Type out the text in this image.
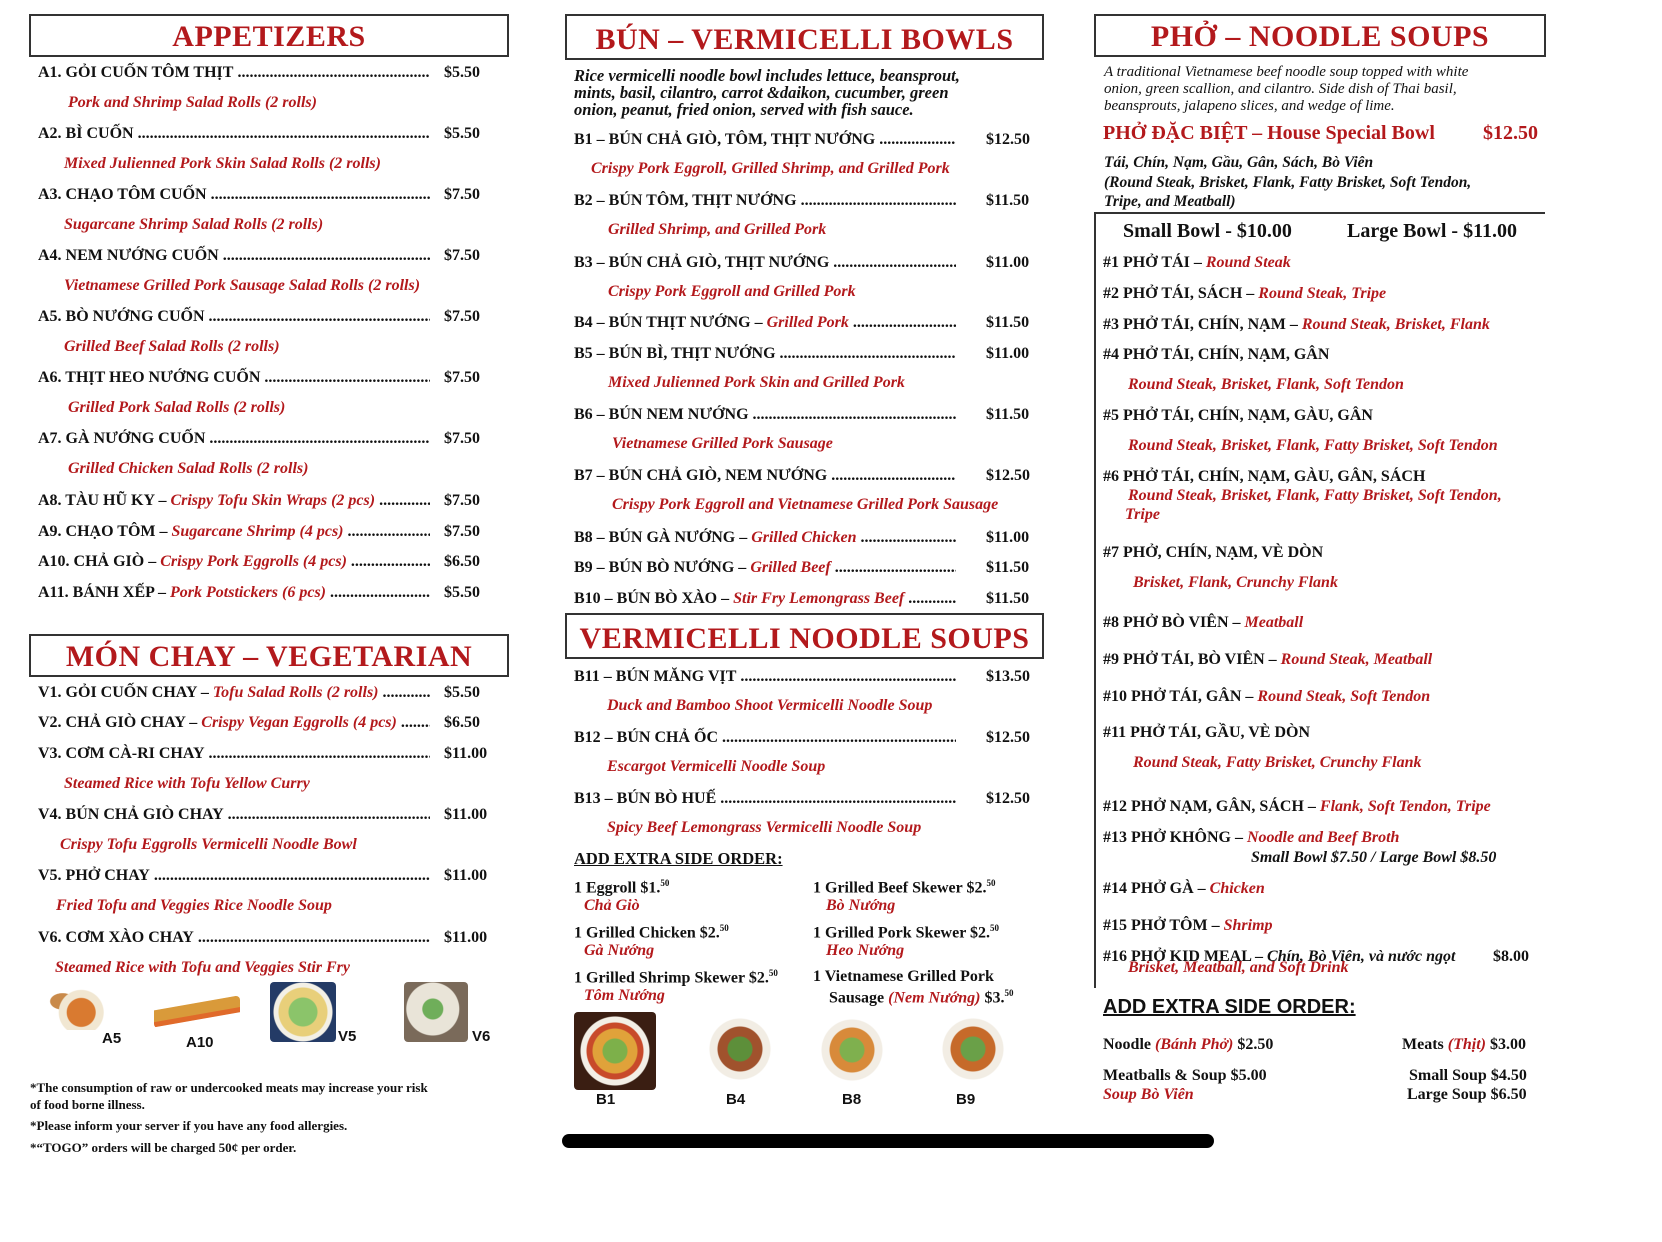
APPETIZERS
A1. GỎI CUỐN TÔM THỊT .....	$5.50
Pork and Shrimp Salad Rolls (2 rolls)
A2. BÌ CUỐN .....	$5.50
Mixed Julienned Pork Skin Salad Rolls (2 rolls)
A3. CHẠO TÔM CUỐN .....	$7.50
Sugarcane Shrimp Salad Rolls (2 rolls)
A4. NEM NƯỚNG CUỐN .....	$7.50
Vietnamese Grilled Pork Sausage Salad Rolls (2 rolls)
A5. BÒ NƯỚNG CUỐN .....	$7.50
Grilled Beef Salad Rolls (2 rolls)
A6. THỊT HEO NƯỚNG CUỐN .....	$7.50
Grilled Pork Salad Rolls (2 rolls)
A7. GÀ NƯỚNG CUỐN .....	$7.50
Grilled Chicken Salad Rolls (2 rolls)
A8. TÀU HŨ KY – Crispy Tofu Skin Wraps (2 pcs) .....	$7.50
A9. CHẠO TÔM – Sugarcane Shrimp (4 pcs) .....	$7.50
A10. CHẢ GIÒ – Crispy Pork Eggrolls (4 pcs) .....	$6.50
A11. BÁNH XẾP – Pork Potstickers (6 pcs) .....	$5.50
MÓN CHAY – VEGETARIAN
V1. GỎI CUỐN CHAY – Tofu Salad Rolls (2 rolls) .....	$5.50
V2. CHẢ GIÒ CHAY – Crispy Vegan Eggrolls (4 pcs) .....	$6.50
V3. CƠM CÀ-RI CHAY .....	$11.00
Steamed Rice with Tofu Yellow Curry
V4. BÚN CHẢ GIÒ CHAY .....	$11.00
Crispy Tofu Eggrolls Vermicelli Noodle Bowl
V5. PHỞ CHAY .....	$11.00
Fried Tofu and Veggies Rice Noodle Soup
V6. CƠM XÀO CHAY .....	$11.00
Steamed Rice with Tofu and Veggies Stir Fry
A5	A10	V5	V6
*The consumption of raw or undercooked meats may increase your risk
of food borne illness.
*Please inform your server if you have any food allergies.
*“TOGO” orders will be charged 50¢ per order.
BÚN – VERMICELLI BOWLS
Rice vermicelli noodle bowl includes lettuce, beansprout,
mints, basil, cilantro, carrot &daikon, cucumber, green
onion, peanut, fried onion, served with fish sauce.
B1 – BÚN CHẢ GIÒ, TÔM, THỊT NƯỚNG .....	$12.50
Crispy Pork Eggroll, Grilled Shrimp, and Grilled Pork
B2 – BÚN TÔM, THỊT NƯỚNG .....	$11.50
Grilled Shrimp, and Grilled Pork
B3 – BÚN CHẢ GIÒ, THỊT NƯỚNG .....	$11.00
Crispy Pork Eggroll and Grilled Pork
B4 – BÚN THỊT NƯỚNG – Grilled Pork .....	$11.50
B5 – BÚN BÌ, THỊT NƯỚNG .....	$11.00
Mixed Julienned Pork Skin and Grilled Pork
B6 – BÚN NEM NƯỚNG .....	$11.50
Vietnamese Grilled Pork Sausage
B7 – BÚN CHẢ GIÒ, NEM NƯỚNG .....	$12.50
Crispy Pork Eggroll and Vietnamese Grilled Pork Sausage
B8 – BÚN GÀ NƯỚNG – Grilled Chicken .....	$11.00
B9 – BÚN BÒ NƯỚNG – Grilled Beef .....	$11.50
B10 – BÚN BÒ XÀO – Stir Fry Lemongrass Beef .....	$11.50
VERMICELLI NOODLE SOUPS
B11 – BÚN MĂNG VỊT .....	$13.50
Duck and Bamboo Shoot Vermicelli Noodle Soup
B12 – BÚN CHẢ ỐC .....	$12.50
Escargot Vermicelli Noodle Soup
B13 – BÚN BÒ HUẾ .....	$12.50
Spicy Beef Lemongrass Vermicelli Noodle Soup
ADD EXTRA SIDE ORDER:
1 Eggroll $1.50
Chả Giò
1 Grilled Chicken $2.50
Gà Nướng
1 Grilled Shrimp Skewer $2.50
Tôm Nướng
1 Grilled Beef Skewer $2.50
Bò Nướng
1 Grilled Pork Skewer $2.50
Heo Nướng
1 Vietnamese Grilled Pork
Sausage (Nem Nướng) $3.50
B1	B4	B8	B9
PHỞ – NOODLE SOUPS
A traditional Vietnamese beef noodle soup topped with white
onion, green scallion, and cilantro. Side dish of Thai basil,
beansprouts, jalapeno slices, and wedge of lime.
PHỞ ĐẶC BIỆT – House Special Bowl $12.50
Tái, Chín, Nạm, Gầu, Gân, Sách, Bò Viên
(Round Steak, Brisket, Flank, Fatty Brisket, Soft Tendon,
Tripe, and Meatball)
Small Bowl - $10.00	Large Bowl - $11.00
#1 PHỞ TÁI – Round Steak
#2 PHỞ TÁI, SÁCH – Round Steak, Tripe
#3 PHỞ TÁI, CHÍN, NẠM – Round Steak, Brisket, Flank
#4 PHỞ TÁI, CHÍN, NẠM, GÂN
Round Steak, Brisket, Flank, Soft Tendon
#5 PHỞ TÁI, CHÍN, NẠM, GÀU, GÂN
Round Steak, Brisket, Flank, Fatty Brisket, Soft Tendon
#6 PHỞ TÁI, CHÍN, NẠM, GÀU, GÂN, SÁCH
Round Steak, Brisket, Flank, Fatty Brisket, Soft Tendon,
Tripe
#7 PHỞ, CHÍN, NẠM, VÈ DÒN
Brisket, Flank, Crunchy Flank
#8 PHỞ BÒ VIÊN – Meatball
#9 PHỞ TÁI, BÒ VIÊN – Round Steak, Meatball
#10 PHỞ TÁI, GÂN – Round Steak, Soft Tendon
#11 PHỞ TÁI, GẦU, VÈ DÒN
Round Steak, Fatty Brisket, Crunchy Flank
#12 PHỞ NẠM, GÂN, SÁCH – Flank, Soft Tendon, Tripe
#13 PHỞ KHÔNG – Noodle and Beef Broth
Small Bowl $7.50 / Large Bowl $8.50
#14 PHỞ GÀ – Chicken
#15 PHỞ TÔM – Shrimp
#16 PHỞ KID MEAL – Chín, Bò Viên, và nước ngọt $8.00
Brisket, Meatball, and Soft Drink
ADD EXTRA SIDE ORDER:
Noodle (Bánh Phở) $2.50	Meats (Thịt) $3.00
Meatballs & Soup $5.00
Soup Bò Viên
Small Soup $4.50
Large Soup $6.50
